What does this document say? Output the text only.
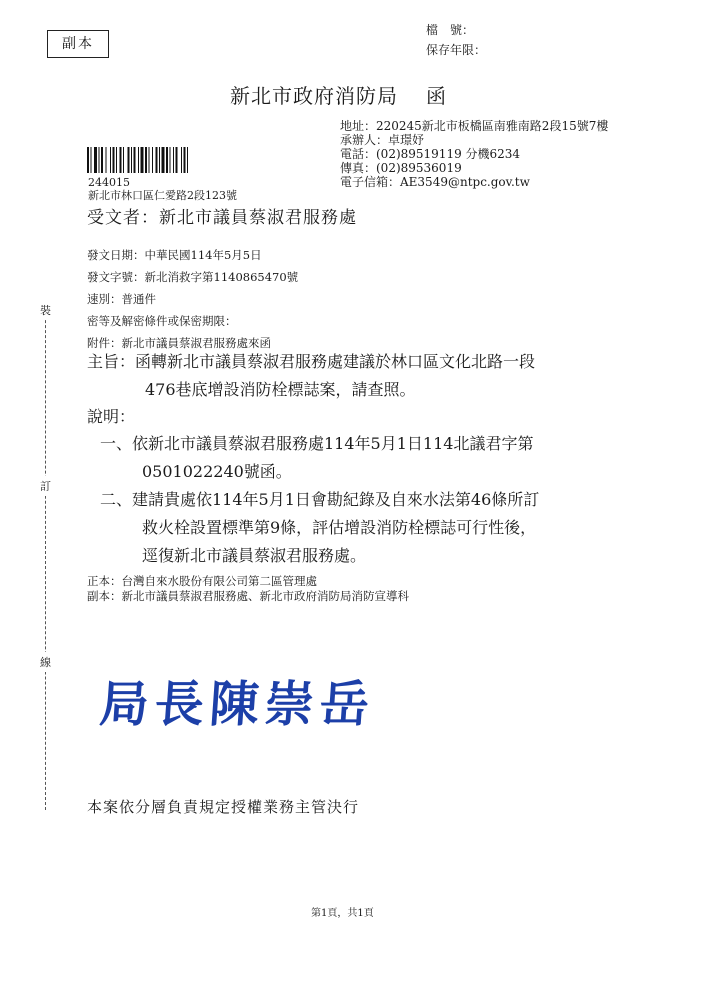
副本
檔　號：
保存年限：
新北市政府消防局 函
地址：220245新北市板橋區南雅南路2段15號7樓
承辦人：卓璟妤
電話：(02)89519119 分機6234
傳真：(02)89536019
電子信箱：AE3549@ntpc.gov.tw
244015
新北市林口區仁愛路2段123號
受文者：新北市議員蔡淑君服務處
發文日期：中華民國114年5月5日
發文字號：新北消救字第1140865470號
速別：普通件
密等及解密條件或保密期限：
附件：新北市議員蔡淑君服務處來函
主旨：函轉新北市議員蔡淑君服務處建議於林口區文化北路一段
476巷底增設消防栓標誌案，請查照。
說明：
一、依新北市議員蔡淑君服務處114年5月1日114北議君字第
0501022240號函。
二、建請貴處依114年5月1日會勘紀錄及自來水法第46條所訂
救火栓設置標準第9條，評估增設消防栓標誌可行性後，
逕復新北市議員蔡淑君服務處。
正本：台灣自來水股份有限公司第二區管理處
副本：新北市議員蔡淑君服務處、新北市政府消防局消防宣導科
裝
訂
線
局長陳崇岳
本案依分層負責規定授權業務主管決行
第1頁，共1頁
